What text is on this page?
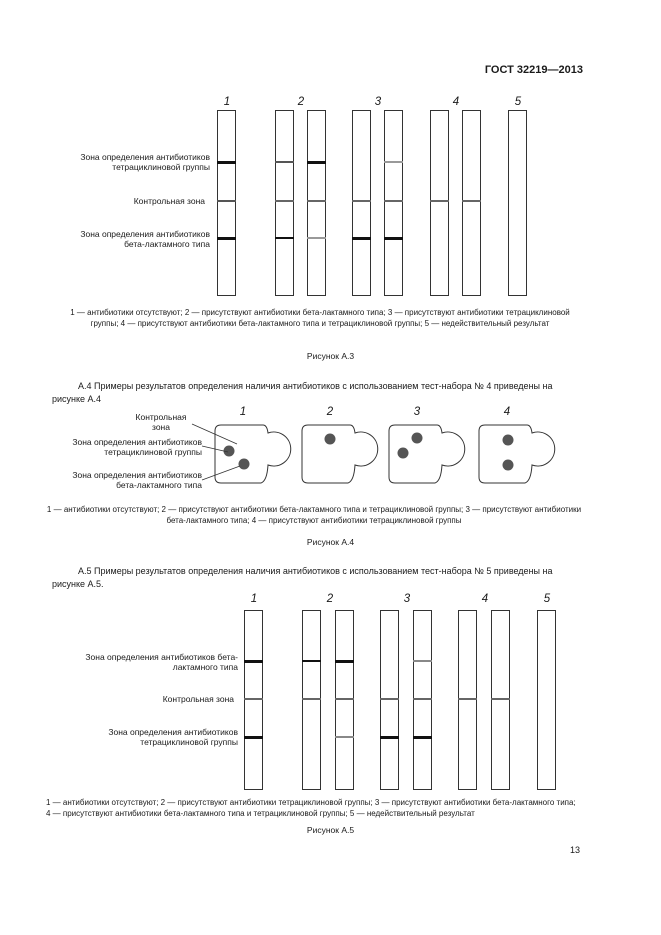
ГОСТ 32219—2013
1	2	3	4	5
Зона определения антибиотиков тетрациклиновой группы
Контрольная зона
Зона определения антибиотиков бета-лактамного типа
1 — антибиотики отсутствуют; 2 — присутствуют антибиотики бета-лактамного типа; 3 — присутствуют антибиотики тетрациклиновой группы; 4 — присутствуют антибиотики бета-лактамного типа и тетрациклиновой группы; 5 — недействительный результат
Рисунок А.3
А.4 Примеры результатов определения наличия антибиотиков с использованием тест-набора № 4 приведены на рисунке А.4
1	2	3	4
Контрольная зона
Зона определения антибиотиков тетрациклиновой группы
Зона определения антибиотиков бета-лактамного типа
1 — антибиотики отсутствуют; 2 — присутствуют антибиотики бета-лактамного типа и тетрациклиновой группы; 3 — присутствуют антибиотики бета-лактамного типа; 4 — присутствуют антибиотики тетрациклиновой группы
Рисунок А.4
А.5 Примеры результатов определения наличия антибиотиков с использованием тест-набора № 5 приведены на рисунке А.5.
1	2	3	4	5
Зона определения антибиотиков бета-лактамного типа
Контрольная зона
Зона определения антибиотиков тетрациклиновой группы
1 — антибиотики отсутствуют; 2 — присутствуют антибиотики тетрациклиновой группы; 3 — присутствуют антибиотики бета-лактамного типа; 4 — присутствуют антибиотики бета-лактамного типа и тетрациклиновой группы; 5 — недействительный результат
Рисунок А.5
13
